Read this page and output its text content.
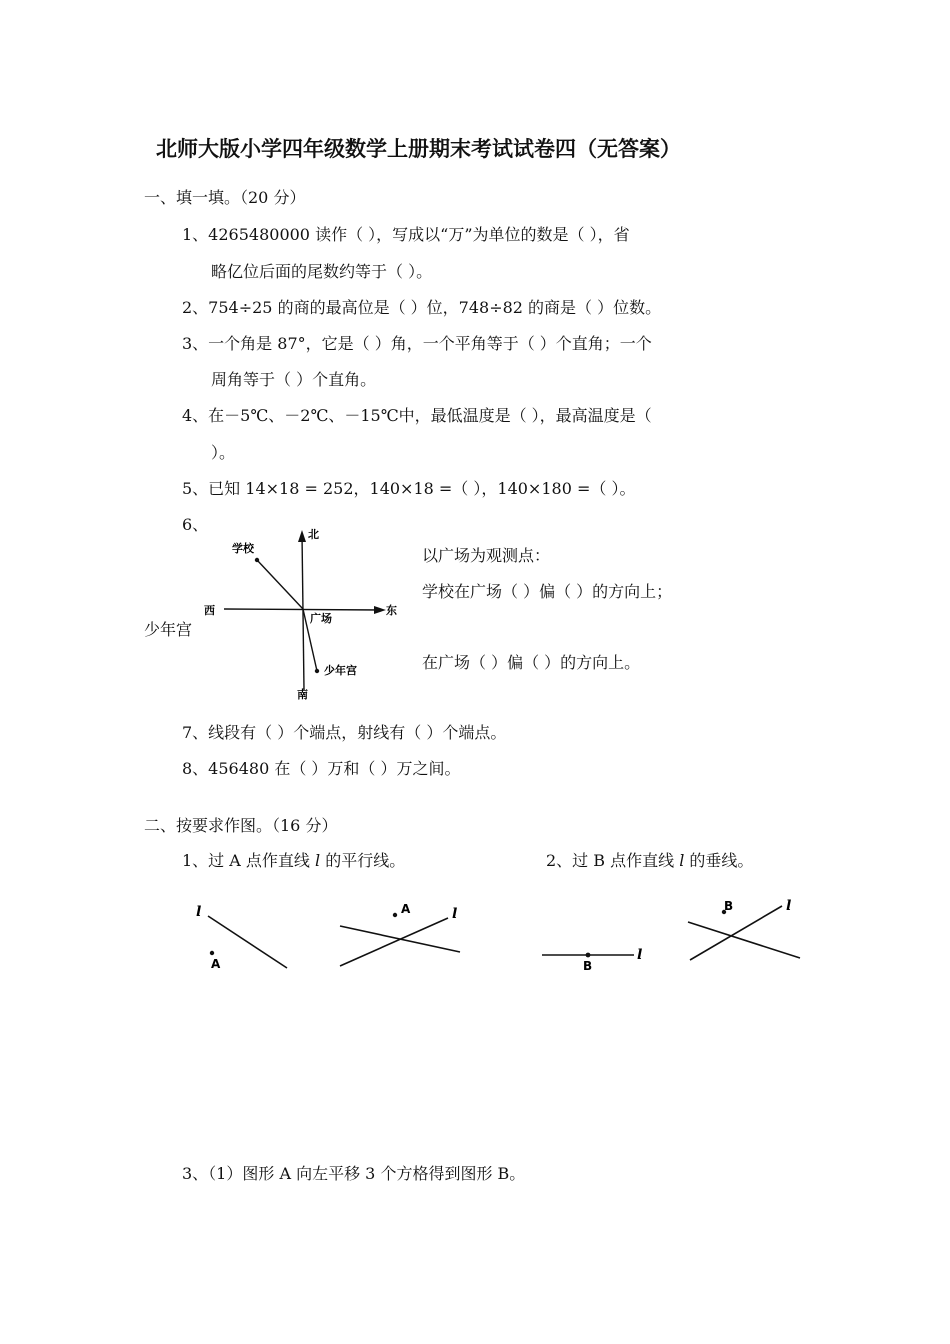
北师大版小学四年级数学上册期末考试试卷四（无答案）
一、填一填。（20 分）
1、4265480000 读作（ ），写成以“万”为单位的数是（ ），省
略亿位后面的尾数约等于（ ）。
2、754÷25 的商的最高位是（ ）位，748÷82 的商是（ ）位数。
3、一个角是 87°，它是（ ）角，一个平角等于（ ）个直角；一个
周角等于（ ）个直角。
4、在－5℃、－2℃、－15℃中，最低温度是（ ），最高温度是（
）。
5、已知 14×18 = 252，140×18 =（ ），140×180 =（ ）。
6、
少年宫
北
学校
西	东
广场
少年宫
南
以广场为观测点：
学校在广场（ ）偏（ ）的方向上；
在广场（ ）偏（ ）的方向上。
7、线段有（ ）个端点，射线有（ ）个端点。
8、456480 在（ ）万和（ ）万之间。
二、按要求作图。（16 分）
1、过 A 点作直线 l 的平行线。	2、过 B 点作直线 l 的垂线。
l
A
l
A
l
B
l
B
3、（1）图形 A 向左平移 3 个方格得到图形 B。
